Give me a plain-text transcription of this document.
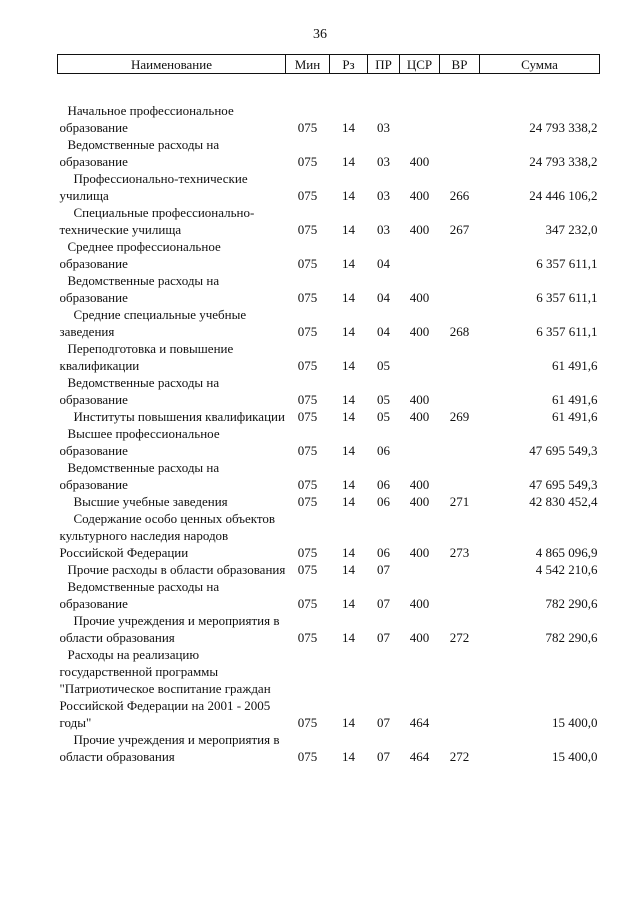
36
Наименование	Мин	Рз	ПР	ЦСР	ВР	Сумма

Начальное профессиональное образование	075	14	03			24 793 338,2

Ведомственные расходы на образование	075	14	03	400		24 793 338,2

Профессионально-технические училища	075	14	03	400	266	24 446 106,2

Специальные профессионально-технические училища	075	14	03	400	267	347 232,0

Среднее профессиональное образование	075	14	04			6 357 611,1

Ведомственные расходы на образование	075	14	04	400		6 357 611,1

Средние специальные учебные заведения	075	14	04	400	268	6 357 611,1

Переподготовка и повышение квалификации	075	14	05			61 491,6

Ведомственные расходы на образование	075	14	05	400		61 491,6

Институты повышения квалификации	075	14	05	400	269	61 491,6

Высшее профессиональное образование	075	14	06			47 695 549,3

Ведомственные расходы на образование	075	14	06	400		47 695 549,3

Высшие учебные заведения	075	14	06	400	271	42 830 452,4

Содержание особо ценных объектов культурного наследия народов Российской Федерации	075	14	06	400	273	4 865 096,9

Прочие расходы в области образования	075	14	07			4 542 210,6

Ведомственные расходы на образование	075	14	07	400		782 290,6

Прочие учреждения и мероприятия в области образования	075	14	07	400	272	782 290,6

Расходы на реализацию государственной программы "Патриотическое воспитание граждан Российской Федерации на 2001 - 2005 годы"	075	14	07	464		15 400,0

Прочие учреждения и мероприятия в области образования	075	14	07	464	272	15 400,0
